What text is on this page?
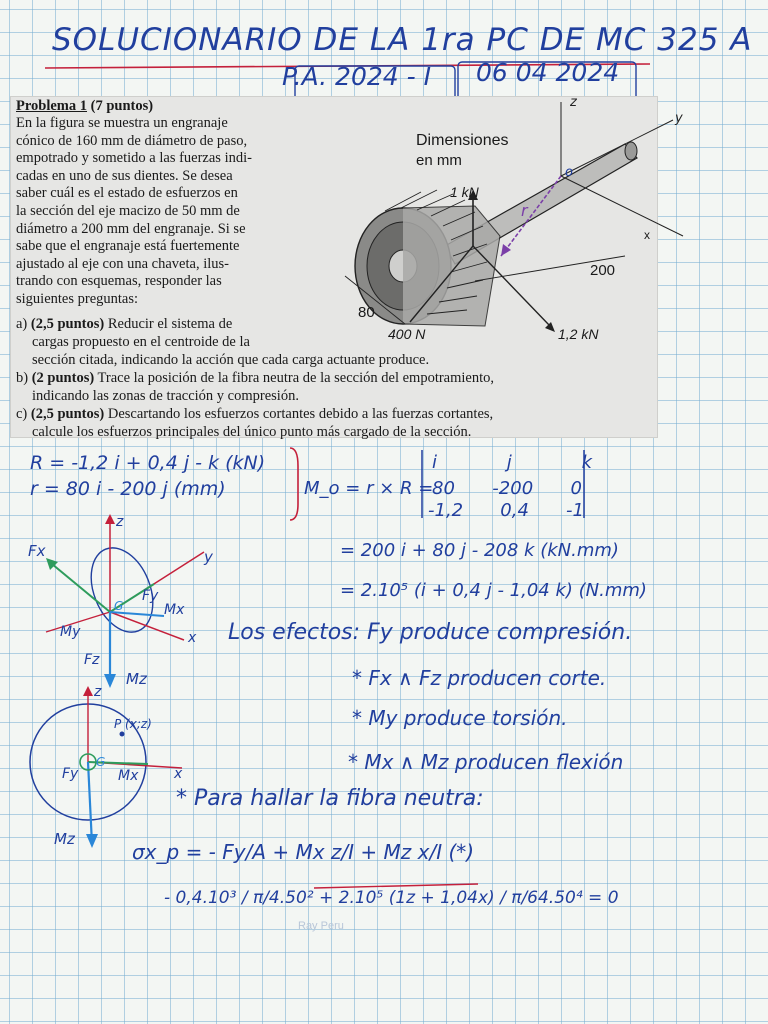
SOLUCIONARIO DE LA 1ra PC DE MC 325 A
P.A. 2024 - I 06 04 2024
Problema 1 (7 puntos)
En la figura se muestra un engranaje
cónico de 160 mm de diámetro de paso,
empotrado y sometido a las fuerzas indi-
cadas en uno de sus dientes. Se desea
saber cuál es el estado de esfuerzos en
la sección del eje macizo de 50 mm de
diámetro a 200 mm del engranaje. Si se
sabe que el engranaje está fuertemente
ajustado al eje con una chaveta, ilus-
trando con esquemas, responder las
siguientes preguntas:
r
o
z
y
Dimensiones
en mm
1 kN
200
80
400 N	1,2 kN
x
a) (2,5 puntos) Reducir el sistema de
cargas propuesto en el centroide de la
sección citada, indicando la acción que cada carga actuante produce.
b) (2 puntos) Trace la posición de la fibra neutra de la sección del empotramiento,
indicando las zonas de tracción y compresión.
c) (2,5 puntos) Descartando los esfuerzos cortantes debido a las fuerzas cortantes,
calcule los esfuerzos principales del único punto más cargado de la sección.
R = -1,2 i + 0,4 j - k (kN)
r = 80 i - 200 j (mm)	M_o = r × R =
i	j	k
80 -200 0
-1,2 0,4 -1
= 200 i + 80 j - 208 k (kN.mm)
= 2.10⁵ (i + 0,4 j - 1,04 k) (N.mm)
z
y
x
Fx
Fy
Fz
Mx
My
Mz
G
Los efectos: Fy produce compresión.
* Fx ∧ Fz producen corte.
* My produce torsión.
* Mx ∧ Mz producen flexión
z
x
Fy	Mx
Mz
G
P (x;z)
* Para hallar la fibra neutra:
σx_p = - Fy/A + Mx z/I + Mz x/I (*)
- 0,4.10³ / π/4.50² + 2.10⁵ (1z + 1,04x) / π/64.50⁴ = 0
Ray Peru
